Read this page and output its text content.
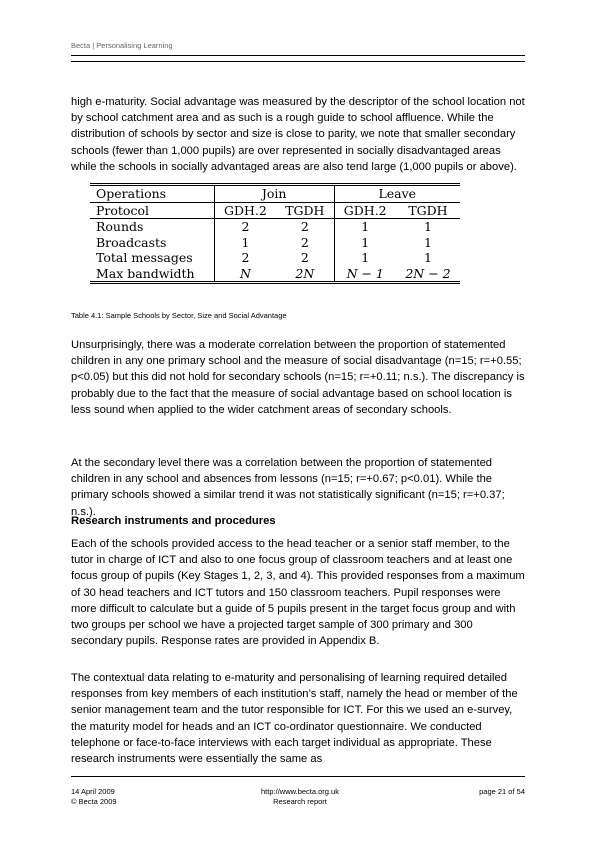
Becta | Personalising Learning

high e-maturity. Social advantage was measured by the descriptor of the school location not by school catchment area and as such is a rough guide to school affluence. While the distribution of schools by sector and size is close to parity, we note that smaller secondary schools (fewer than 1,000 pupils) are over represented in socially disadvantaged areas while the schools in socially advantaged areas are also tend large (1,000 pupils or above).

Operations	Join		Leave	
Protocol	GDH.2	TGDH	GDH.2	TGDH
Rounds	2	2	1	1
Broadcasts	1	2	1	1
Total messages	2	2	1	1
Max bandwidth	N	2N	N − 1	2N − 2
Table 4.1: Sample Schools by Sector, Size and Social Advantage

Unsurprisingly, there was a moderate correlation between the proportion of statemented children in any one primary school and the measure of social disadvantage (n=15; r=+0.55; p<0.05) but this did not hold for secondary schools (n=15; r=+0.11; n.s.). The discrepancy is probably due to the fact that the measure of social advantage based on school location is less sound when applied to the wider catchment areas of secondary schools.

At the secondary level there was a correlation between the proportion of statemented children in any school and absences from lessons (n=15; r=+0.67; p<0.01). While the primary schools showed a similar trend it was not statistically significant (n=15; r=+0.37; n.s.).

Research instruments and procedures

Each of the schools provided access to the head teacher or a senior staff member, to the tutor in charge of ICT and also to one focus group of classroom teachers and at least one focus group of pupils (Key Stages 1, 2, 3, and 4). This provided responses from a maximum of 30 head teachers and ICT tutors and 150 classroom teachers. Pupil responses were more difficult to calculate but a guide of 5 pupils present in the target focus group and with two groups per school we have a projected target sample of 300 primary and 300 secondary pupils. Response rates are provided in Appendix B.

The contextual data relating to e-maturity and personalising of learning required detailed responses from key members of each institution’s staff, namely the head or member of the senior management team and the tutor responsible for ICT. For this we used an e-survey, the maturity model for heads and an ICT co-ordinator questionnaire. We conducted telephone or face-to-face interviews with each target individual as appropriate. These research instruments were essentially the same as

14 April 2009
© Becta 2009
http://www.becta.org.uk
Research report
page 21 of 54
